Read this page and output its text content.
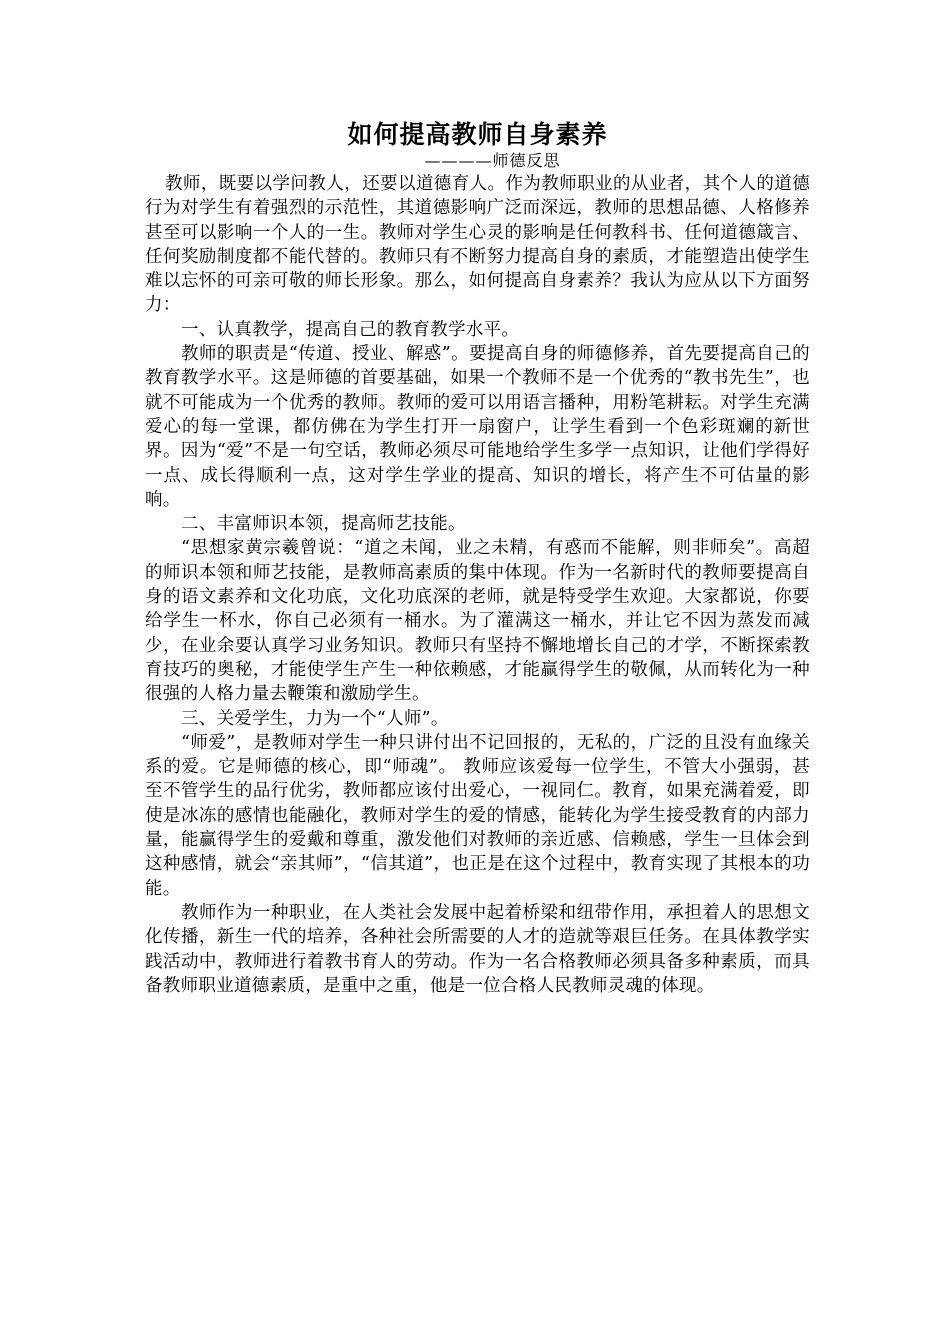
如何提高教师自身素养
————师德反思

教师，既要以学问教人，还要以道德育人。作为教师职业的从业者，其个人的道德行为对学生有着强烈的示范性，其道德影响广泛而深远，教师的思想品德、人格修养甚至可以影响一个人的一生。教师对学生心灵的影响是任何教科书、任何道德箴言、任何奖励制度都不能代替的。教师只有不断努力提高自身的素质，才能塑造出使学生难以忘怀的可亲可敬的师长形象。那么，如何提高自身素养？我认为应从以下方面努力：

一、认真教学，提高自己的教育教学水平。

教师的职责是“传道、授业、解惑”。要提高自身的师德修养，首先要提高自己的教育教学水平。这是师德的首要基础，如果一个教师不是一个优秀的“教书先生”，也就不可能成为一个优秀的教师。教师的爱可以用语言播种，用粉笔耕耘。对学生充满爱心的每一堂课，都仿佛在为学生打开一扇窗户，让学生看到一个色彩斑斓的新世界。因为“爱”不是一句空话，教师必须尽可能地给学生多学一点知识，让他们学得好一点、成长得顺利一点，这对学生学业的提高、知识的增长，将产生不可估量的影响。

二、丰富师识本领，提高师艺技能。

“思想家黄宗羲曾说：“道之未闻，业之未精，有惑而不能解，则非师矣”。高超的师识本领和师艺技能，是教师高素质的集中体现。作为一名新时代的教师要提高自身的语文素养和文化功底，文化功底深的老师，就是特受学生欢迎。大家都说，你要给学生一杯水，你自己必须有一桶水。为了灌满这一桶水，并让它不因为蒸发而减少，在业余要认真学习业务知识。教师只有坚持不懈地增长自己的才学，不断探索教育技巧的奥秘，才能使学生产生一种依赖感，才能赢得学生的敬佩，从而转化为一种很强的人格力量去鞭策和激励学生。

三、关爱学生，力为一个“人师”。

“师爱”，是教师对学生一种只讲付出不记回报的，无私的，广泛的且没有血缘关系的爱。它是师德的核心，即“师魂”。 教师应该爱每一位学生，不管大小强弱，甚至不管学生的品行优劣，教师都应该付出爱心，一视同仁。教育，如果充满着爱，即使是冰冻的感情也能融化，教师对学生的爱的情感，能转化为学生接受教育的内部力量，能赢得学生的爱戴和尊重，激发他们对教师的亲近感、信赖感，学生一旦体会到这种感情，就会“亲其师”，“信其道”，也正是在这个过程中，教育实现了其根本的功能。

教师作为一种职业，在人类社会发展中起着桥梁和纽带作用，承担着人的思想文化传播，新生一代的培养，各种社会所需要的人才的造就等艰巨任务。在具体教学实践活动中，教师进行着教书育人的劳动。作为一名合格教师必须具备多种素质，而具备教师职业道德素质，是重中之重，他是一位合格人民教师灵魂的体现。
